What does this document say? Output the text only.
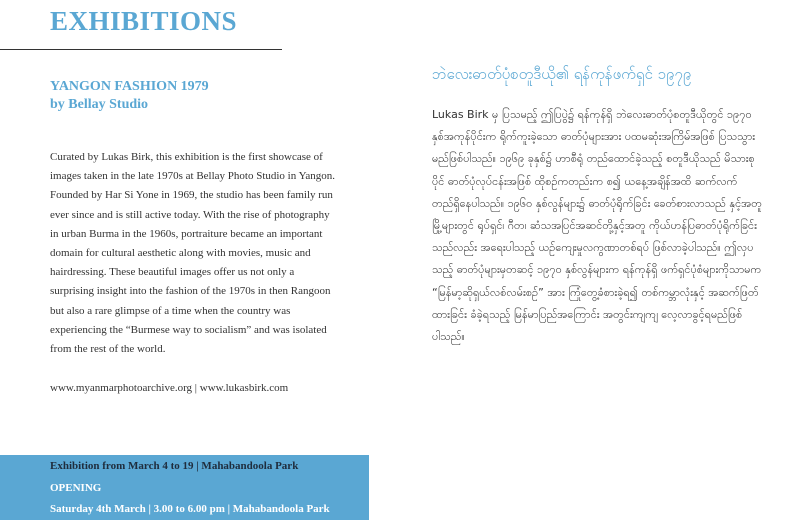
EXHIBITIONS

YANGON FASHION 1979
by Bellay Studio

Curated by Lukas Birk, this exhibition is the first showcase of images taken in the late 1970s at Bellay Photo Studio in Yangon. Founded by Har Si Yone in 1969, the studio has been family run ever since and is still active today. With the rise of photography in urban Burma in the 1960s, portraiture became an important domain for cultural aesthetic along with movies, music and hairdressing. These beautiful images offer us not only a surprising insight into the fashion of the 1970s in then Rangoon but also a rare glimpse of a time when the country was experiencing the “Burmese way to socialism” and was isolated from the rest of the world.

www.myanmarphotoarchive.org | www.lukasbirk.com

ဘဲလေးဓာတ်ပုံစတူဒီယို၏ ရန်ကုန်ဖက်ရှင် ၁၉၇၉

Lukas Birk မှ ပြသမည့် ဤပြပွဲ၌ ရန်ကုန်ရှိ ဘဲလေးဓာတ်ပုံစတူဒီယိုတွင် ၁၉၇၀ နှစ်အကုန်ပိုင်းက ရိုက်ကူးခဲ့သော ဓာတ်ပုံများအား ပထမဆုံးအကြိမ်အဖြစ် ပြသသွားမည်ဖြစ်ပါသည်။ ၁၉၆၉ ခုနှစ်၌ ဟာစီရုံ တည်ထောင်ခဲ့သည့် စတူဒီယိုသည် မိသားစုပိုင် ဓာတ်ပုံလုပ်ငန်းအဖြစ် ထိုစဉ်ကတည်းက စ၍ ယနေ့အချိန်အထိ ဆက်လက်တည်ရှိနေပါသည်။ ၁၉၆၀ နှစ်လွန်များ၌ ဓာတ်ပုံရိုက်ခြင်း ခေတ်စားလာသည် နှင့်အတူ မြို့များတွင် ရုပ်ရှင်၊ ဂီတ၊ ဆံသအပြင်အဆင်တို့နှင့်အတူ ကိုယ်ဟန်ပြဓာတ်ပုံရိုက်ခြင်းသည်လည်း အရေးပါသည့် ယဉ်ကျေးမှုလကွဏာတစ်ရပ် ဖြစ်လာခဲ့ပါသည်။ ဤလှပသည့် ဓာတ်ပုံများမှတဆင့် ၁၉၇၀ နှစ်လွန်များက ရန်ကုန်ရှိ ဖက်ရှင်ပုံစံများကိုသာမက “မြန်မာ့ဆိုရှယ်လစ်လမ်းစဉ်” အား ကြုံတွေ့ခံစားခဲ့ရ၍ တစ်ကမ္ဘာလုံးနှင့် အဆက်ဖြတ်ထားခြင်း ခံခဲ့ရသည့် မြန်မာပြည်အကြောင်း အတွင်းကျကျ လေ့လာခွင့်ရမည်ဖြစ်ပါသည်။

Exhibition from March 4 to 19 | Mahabandoola Park
OPENING
Saturday 4th March | 3.00 to 6.00 pm | Mahabandoola Park
